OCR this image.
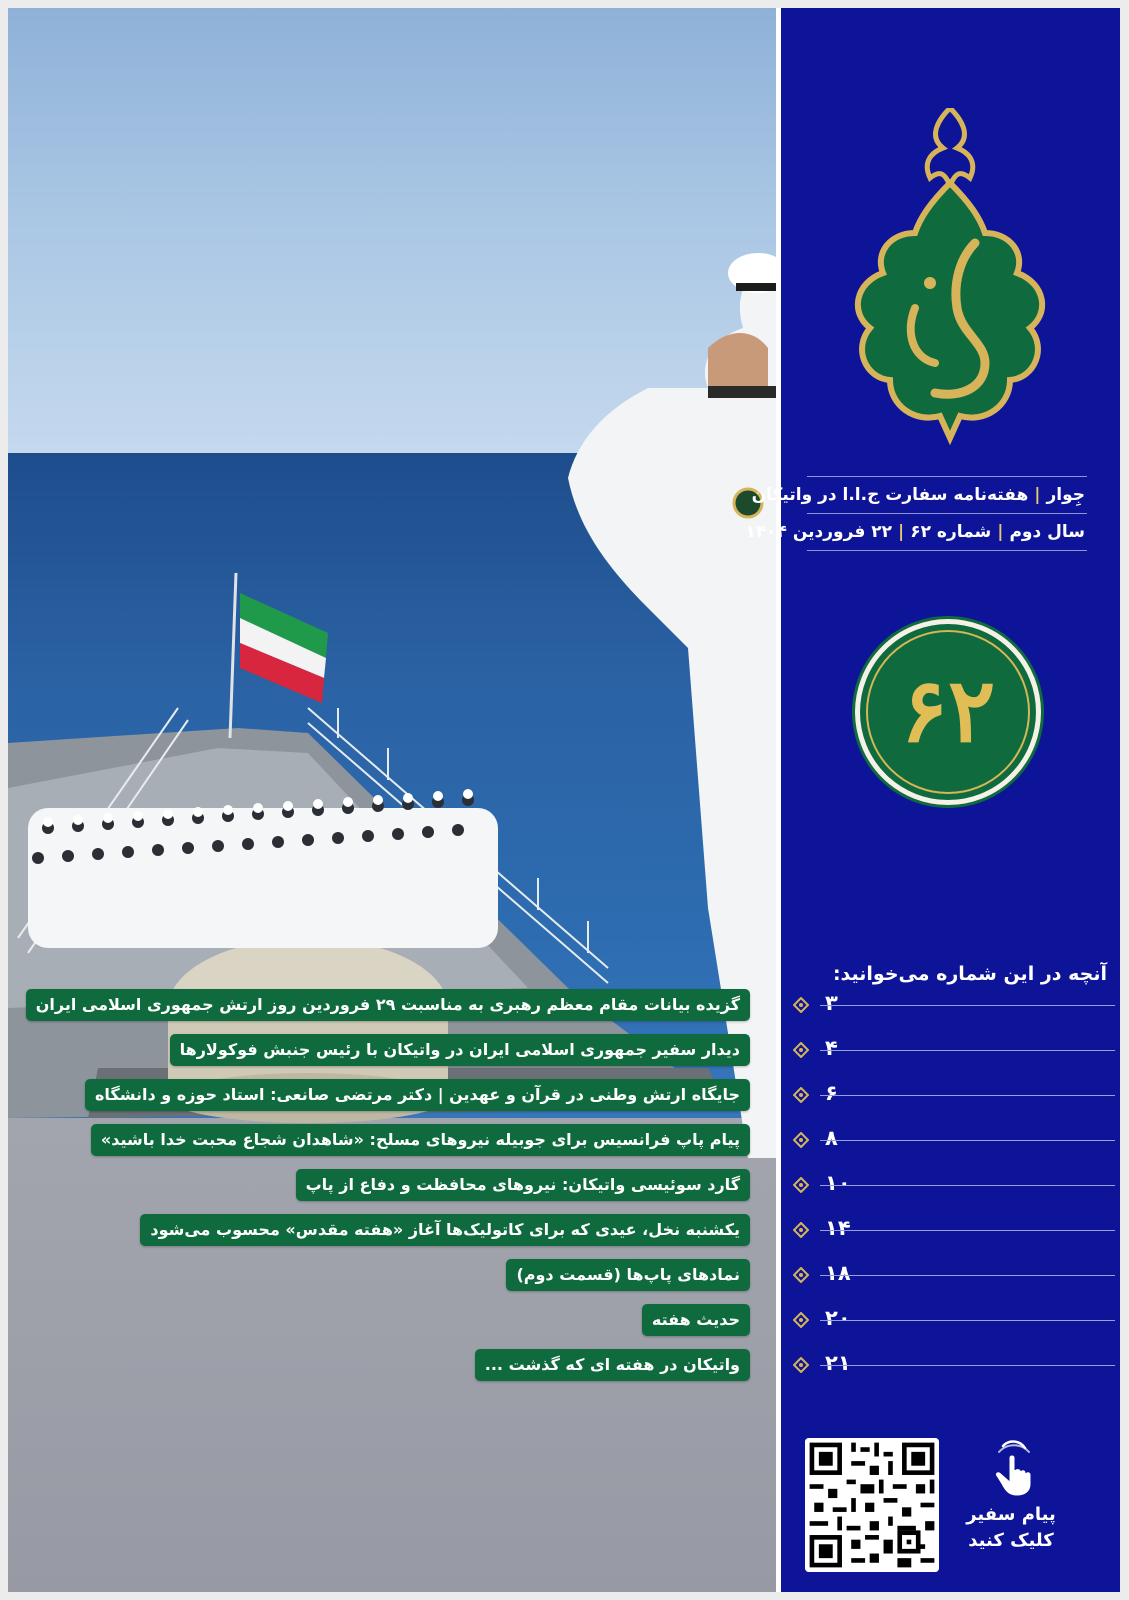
گزیده بیانات مقام معظم رهبری به مناسبت ۲۹ فروردین روز ارتش جمهوری اسلامی ایران
دیدار سفیر جمهوری اسلامی ایران در واتیکان با رئیس جنبش فوکولارها
جایگاه ارتش وطنی در قرآن و عهدین | دکتر مرتضی صانعی: استاد حوزه و دانشگاه
پیام پاپ فرانسیس برای جوبیله نیروهای مسلح: «شاهدان شجاع محبت خدا باشید»
گارد سوئیسی واتیکان: نیروهای محافظت و دفاع از پاپ
یکشنبه نخل، عیدی که برای کاتولیک‌ها آغاز «هفته مقدس» محسوب می‌شود
نمادهای پاپ‌ها (قسمت دوم)
حدیث هفته
واتیکان در هفته ای که گذشت ...
جِوار|هفته‌نامه سفارت ج.ا.ا در واتیکان
سال دوم|شماره ۶۲|۲۲ فروردین ۱۴۰۴
۶۲
آنچه در این شماره می‌خوانید:
۳
۴
۶
۸
۱۰
۱۴
۱۸
۲۰
۲۱
پیام سفیر
کلیک کنید
